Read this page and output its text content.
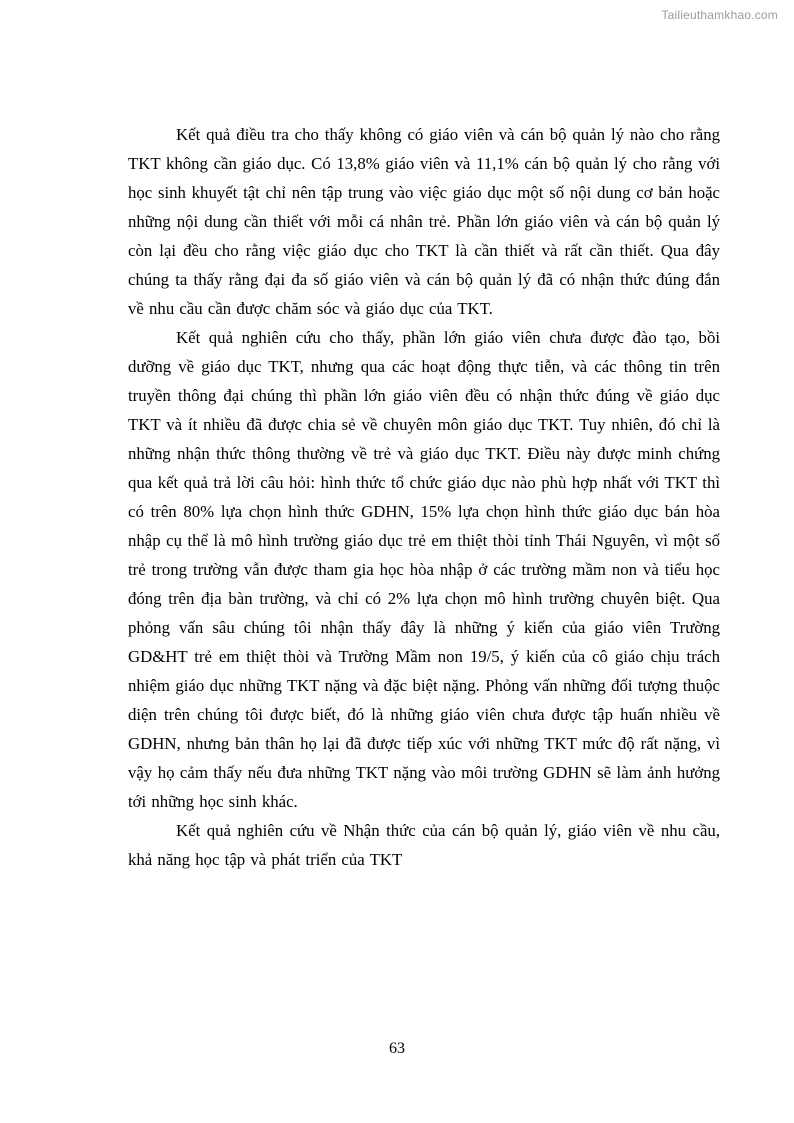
Tailieuthamkhao.com

Kết quả điều tra cho thấy không có giáo viên và cán bộ quản lý nào cho rằng TKT không cần giáo dục. Có 13,8% giáo viên và 11,1% cán bộ quản lý cho rằng với học sinh khuyết tật chỉ nên tập trung vào việc giáo dục một số nội dung cơ bản hoặc những nội dung cần thiết với mỗi cá nhân trẻ. Phần lớn giáo viên và cán bộ quản lý còn lại đều cho rằng việc giáo dục cho TKT là cần thiết và rất cần thiết. Qua đây chúng ta thấy rằng đại đa số giáo viên và cán bộ quản lý đã có nhận thức đúng đắn về nhu cầu cần được chăm sóc và giáo dục của TKT.

Kết quả nghiên cứu cho thấy, phần lớn giáo viên chưa được đào tạo, bồi dưỡng về giáo dục TKT, nhưng qua các hoạt động thực tiễn, và các thông tin trên truyền thông đại chúng thì phần lớn giáo viên đều có nhận thức đúng về giáo dục TKT và ít nhiều đã được chia sẻ về chuyên môn giáo dục TKT. Tuy nhiên, đó chỉ là những nhận thức thông thường về trẻ và giáo dục TKT. Điều này được minh chứng qua kết quả trả lời câu hỏi: hình thức tổ chức giáo dục nào phù hợp nhất với TKT thì có trên 80% lựa chọn hình thức GDHN, 15% lựa chọn hình thức giáo dục bán hòa nhập cụ thể là mô hình trường giáo dục trẻ em thiệt thòi tỉnh Thái Nguyên, vì một số trẻ trong trường vẫn được tham gia học hòa nhập ở các trường mầm non và tiểu học đóng trên địa bàn trường, và chỉ có 2% lựa chọn mô hình trường chuyên biệt. Qua phỏng vấn sâu chúng tôi nhận thấy đây là những ý kiến của giáo viên Trường GD&HT trẻ em thiệt thòi và Trường Mầm non 19/5, ý kiến của cô giáo chịu trách nhiệm giáo dục những TKT nặng và đặc biệt nặng. Phỏng vấn những đối tượng thuộc diện trên chúng tôi được biết, đó là những giáo viên chưa được tập huấn nhiều về GDHN, nhưng bản thân họ lại đã được tiếp xúc với những TKT mức độ rất nặng, vì vậy họ cảm thấy nếu đưa những TKT nặng vào môi trường GDHN sẽ làm ảnh hưởng tới những học sinh khác.

Kết quả nghiên cứu về Nhận thức của cán bộ quản lý, giáo viên về nhu cầu, khả năng học tập và phát triển của TKT

63
